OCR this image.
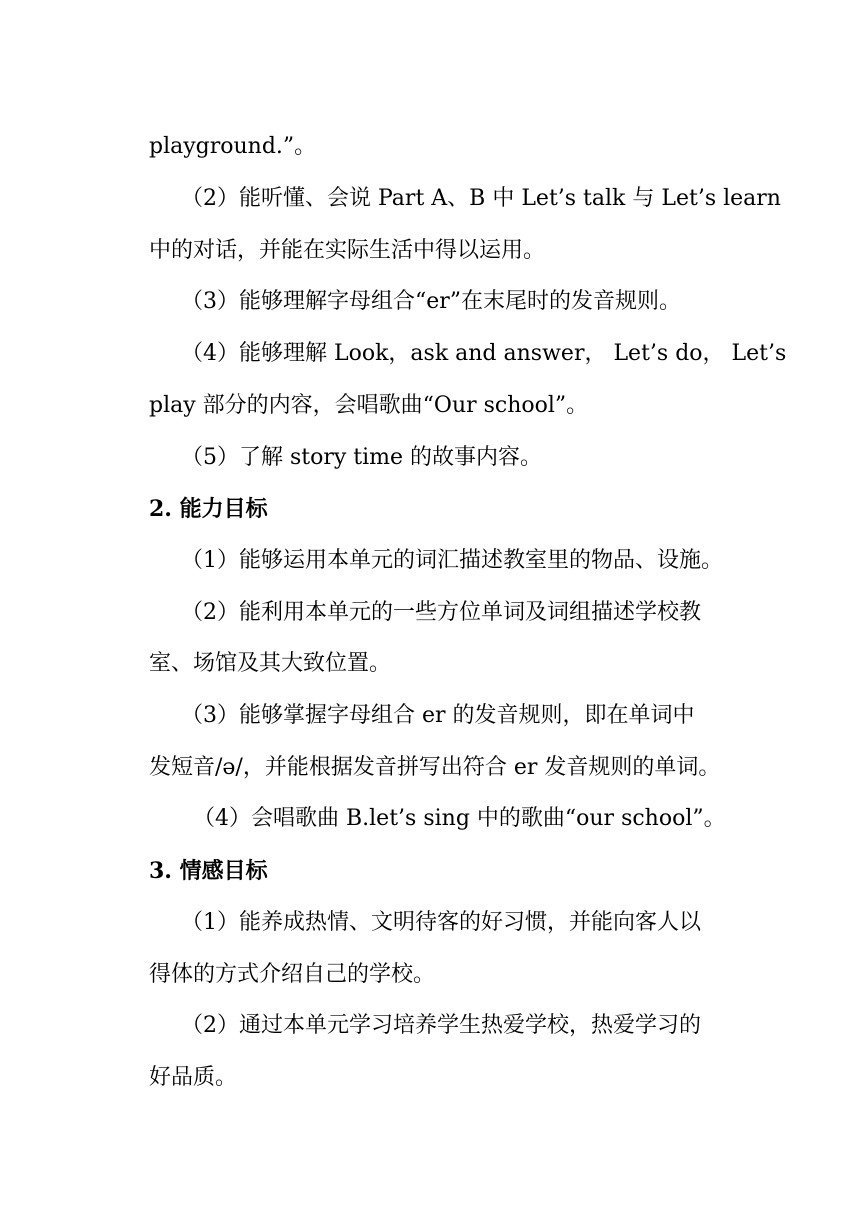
playground.”。
（2）能听懂、会说 Part A、B 中 Let’s talk 与 Let’s learn
中的对话，并能在实际生活中得以运用。
（3）能够理解字母组合“er”在末尾时的发音规则。
（4）能够理解 Look，ask and answer， Let’s do， Let’s
play 部分的内容，会唱歌曲“Our school”。
（5）了解 story time 的故事内容。
2. 能力目标
（1）能够运用本单元的词汇描述教室里的物品、设施。
（2）能利用本单元的一些方位单词及词组描述学校教
室、场馆及其大致位置。
（3）能够掌握字母组合 er 的发音规则，即在单词中
发短音/ə/，并能根据发音拼写出符合 er 发音规则的单词。
（4）会唱歌曲 B.let’s sing 中的歌曲“our school”。
3. 情感目标
（1）能养成热情、文明待客的好习惯，并能向客人以
得体的方式介绍自己的学校。
（2）通过本单元学习培养学生热爱学校，热爱学习的
好品质。
